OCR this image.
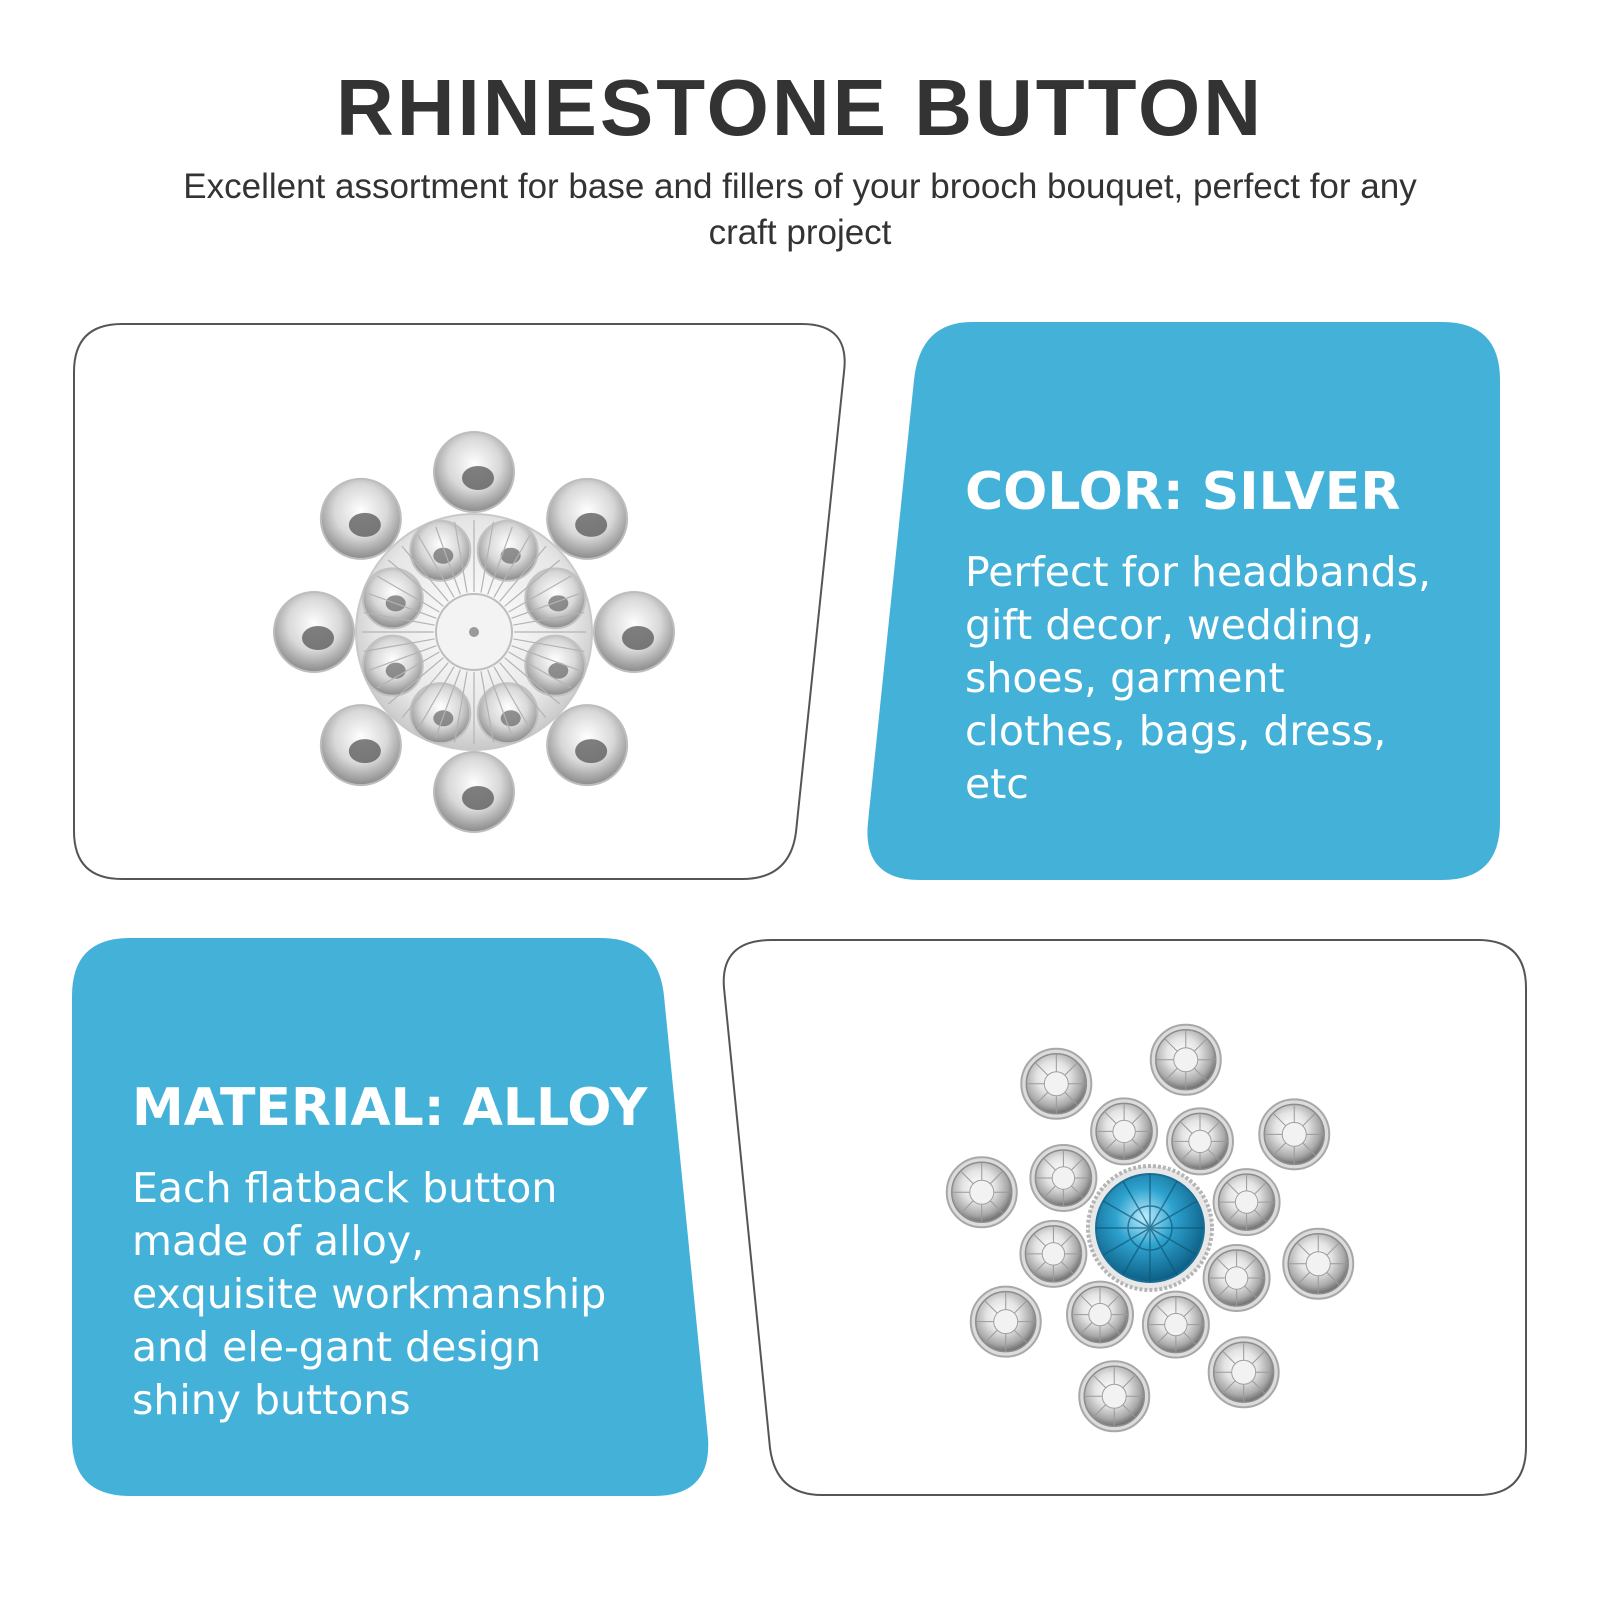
RHINESTONE BUTTON

Excellent assortment for base and fillers of your brooch bouquet, perfect for any craft project

COLOR: SILVER

Perfect for headbands, gift decor, wedding, shoes, garment clothes, bags, dress, etc

MATERIAL: ALLOY

Each flatback button made of alloy, exquisite workmanship and ele-gant design shiny buttons
